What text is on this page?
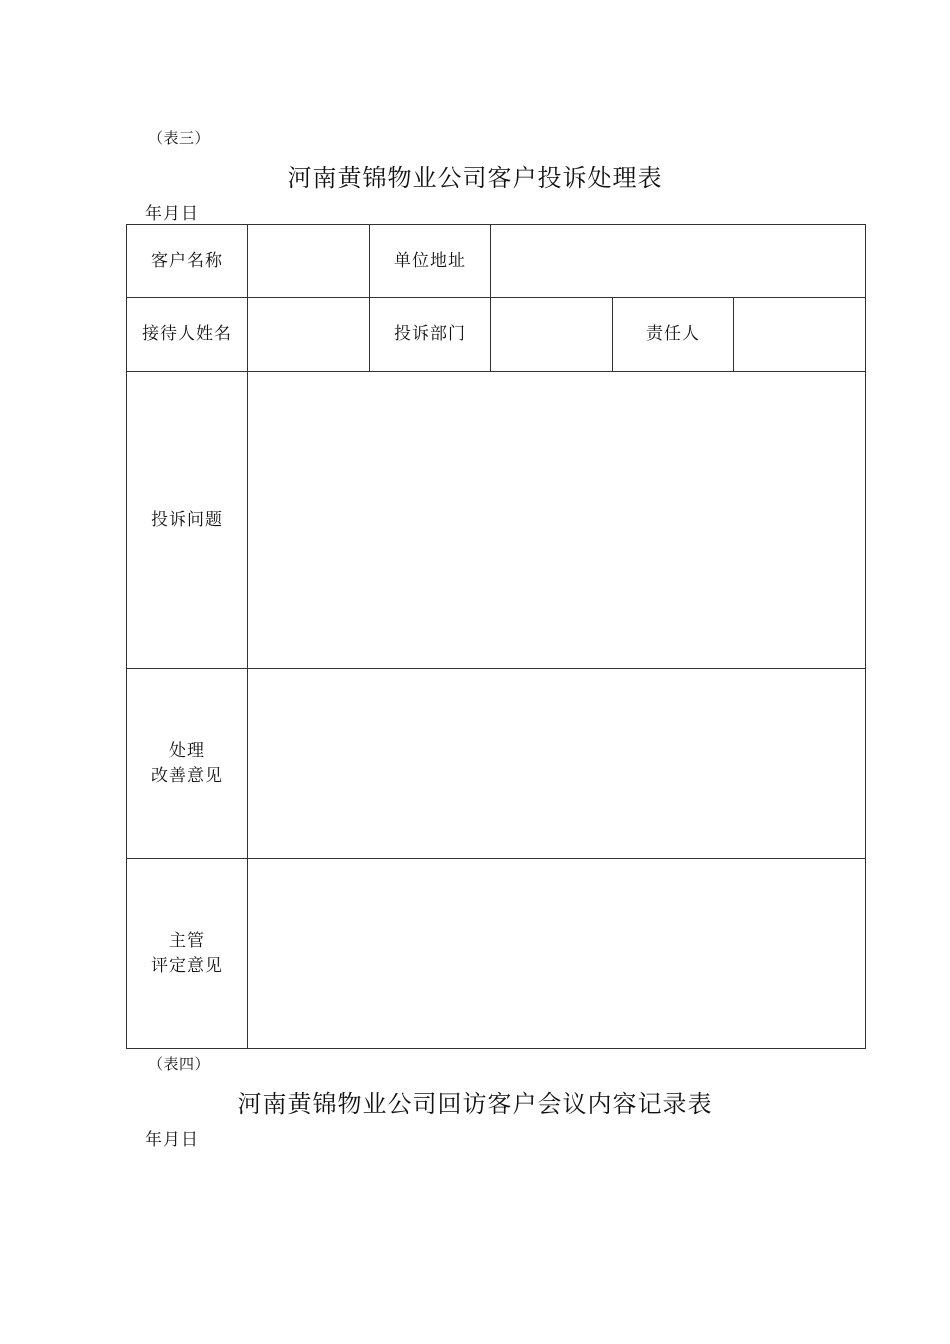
（表三）
河南黄锦物业公司客户投诉处理表
年月日
客户名称		单位地址			
接待人姓名		投诉部门		责任人	
投诉问题					

处理
改善意见					

主管
评定意见					

（表四）
河南黄锦物业公司回访客户会议内容记录表
年月日
